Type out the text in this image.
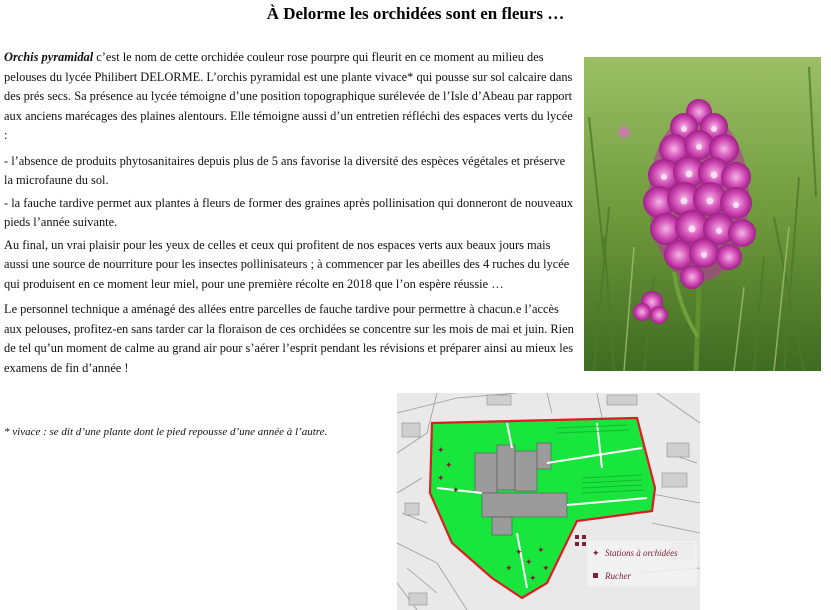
À Delorme les orchidées sont en fleurs …

Orchis pyramidal c’est le nom de cette orchidée couleur rose pourpre qui fleurit en ce moment au milieu des pelouses du lycée Philibert DELORME. L’orchis pyramidal est une plante vivace* qui pousse sur sol calcaire dans des prés secs. Sa présence au lycée témoigne d’une position topographique surélevée de l’Isle d’Abeau par rapport aux anciens marécages des plaines alentours. Elle témoigne aussi d’un entretien réfléchi des espaces verts du lycée :

- l’absence de produits phytosanitaires depuis plus de 5 ans favorise la diversité des espèces végétales et préserve la microfaune du sol.

- la fauche tardive permet aux plantes à fleurs de former des graines après pollinisation qui donneront de nouveaux pieds l’année suivante.

Au final, un vrai plaisir pour les yeux de celles et ceux qui profitent de nos espaces verts aux beaux jours mais aussi une source de nourriture pour les insectes pollinisateurs ; à commencer par les abeilles des 4 ruches du lycée qui produisent en ce moment leur miel, pour une première récolte en 2018 que l’on espère réussie …

Le personnel technique a aménagé des allées entre parcelles de fauche tardive pour permettre à chacun.e l’accès aux pelouses, profitez-en sans tarder car la floraison de ces orchidées se concentre sur les mois de mai et juin. Rien de tel qu’un moment de calme au grand air pour s’aérer l’esprit pendant les révisions et préparer ainsi au mieux les examens de fin d’année !

* vivace : se dit d’une plante dont le pied repousse d’une année à l’autre.
✦
✦
✦
✦
✦
✦
✦
✦	✦
✦
✦ Stations à orchidées
Rucher
